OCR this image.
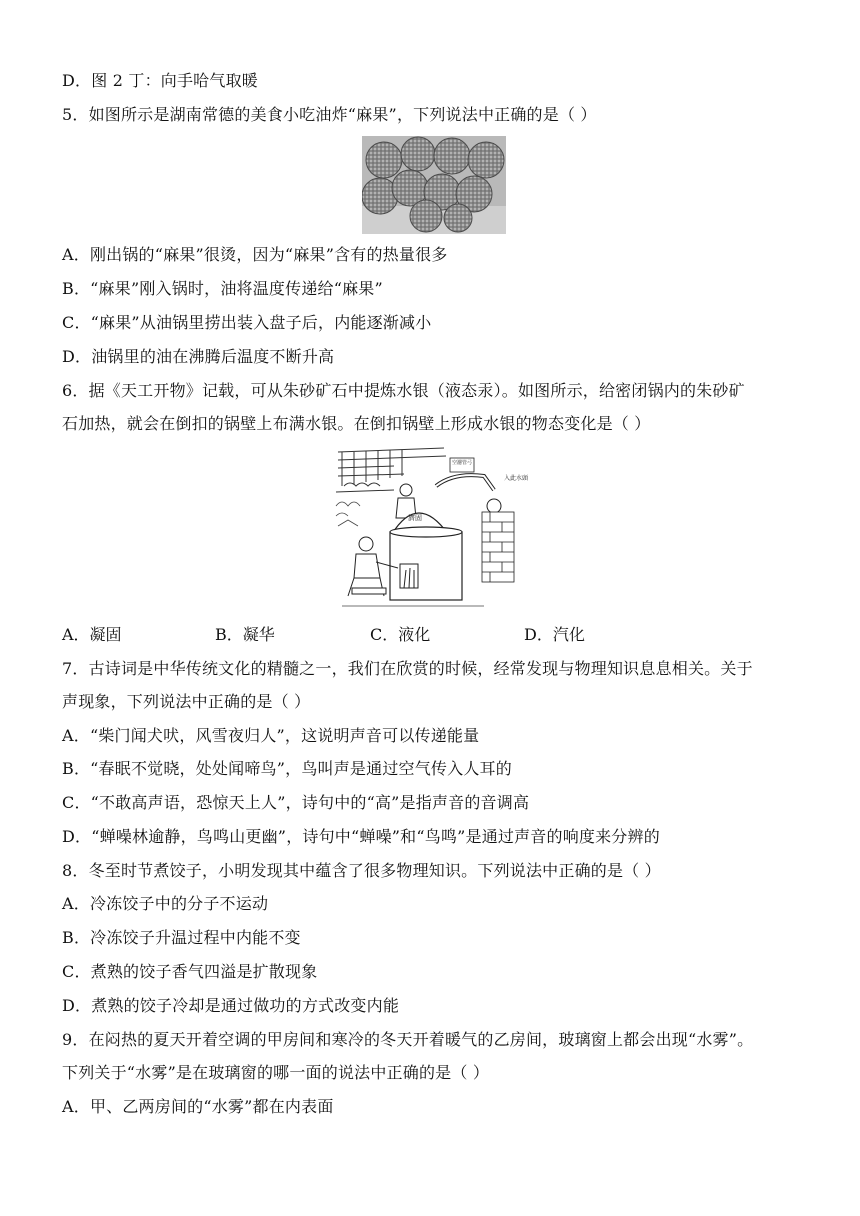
D．图 2 丁：向手哈气取暖
5．如图所示是湖南常德的美食小吃油炸“麻果”，下列说法中正确的是（ ）
A．刚出锅的“麻果”很烫，因为“麻果”含有的热量很多
B．“麻果”刚入锅时，油将温度传递给“麻果”
C．“麻果”从油锅里捞出装入盘子后，内能逐渐减小
D．油锅里的油在沸腾后温度不断升高
6．据《天工开物》记载，可从朱砂矿石中提炼水银（液态汞）。如图所示，给密闭锅内的朱砂矿
石加热，就会在倒扣的锅壁上布满水银。在倒扣锅壁上形成水银的物态变化是（ ）
空濾管弓
入此水頭
濟固
A．凝固	B．凝华	C．液化	D．汽化
7．古诗词是中华传统文化的精髓之一，我们在欣赏的时候，经常发现与物理知识息息相关。关于
声现象，下列说法中正确的是（ ）
A．“柴门闻犬吠，风雪夜归人”，这说明声音可以传递能量
B．“春眠不觉晓，处处闻啼鸟”，鸟叫声是通过空气传入人耳的
C．“不敢高声语，恐惊天上人”，诗句中的“高”是指声音的音调高
D．“蝉噪林逾静，鸟鸣山更幽”，诗句中“蝉噪”和“鸟鸣”是通过声音的响度来分辨的
8．冬至时节煮饺子，小明发现其中蕴含了很多物理知识。下列说法中正确的是（ ）
A．冷冻饺子中的分子不运动
B．冷冻饺子升温过程中内能不变
C．煮熟的饺子香气四溢是扩散现象
D．煮熟的饺子冷却是通过做功的方式改变内能
9．在闷热的夏天开着空调的甲房间和寒冷的冬天开着暖气的乙房间，玻璃窗上都会出现“水雾”。
下列关于“水雾”是在玻璃窗的哪一面的说法中正确的是（ ）
A．甲、乙两房间的“水雾”都在内表面
